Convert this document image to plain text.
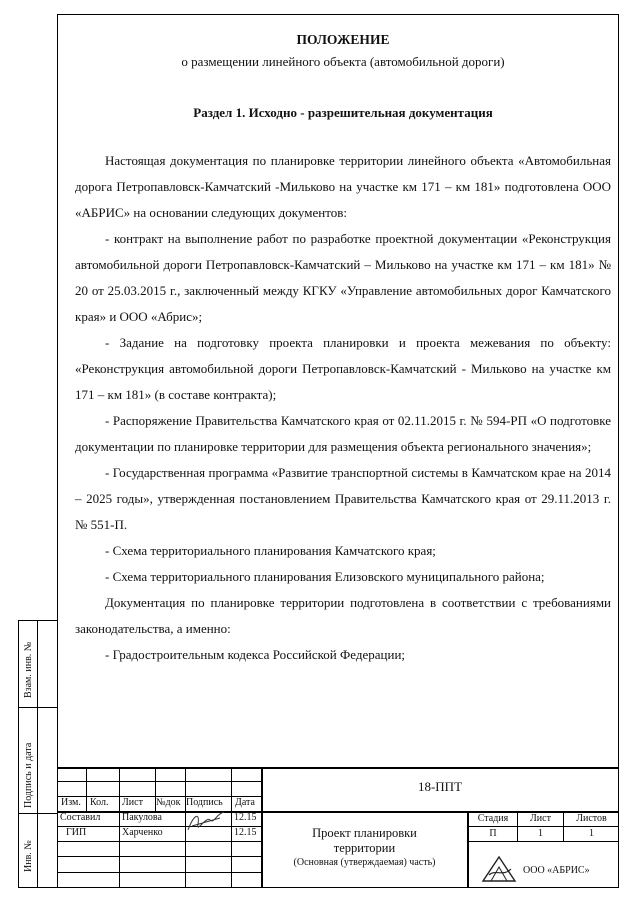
ПОЛОЖЕНИЕ

о размещении линейного объекта (автомобильной дороги)

Раздел 1. Исходно - разрешительная документация

Настоящая документация по планировке территории линейного объекта «Автомобильная дорога Петропавловск-Камчатский -Мильково на участке км 171 – км 181» подготовлена ООО «АБРИС» на основании следующих документов:

- контракт на выполнение работ по разработке проектной документации «Реконструкция автомобильной дороги Петропавловск-Камчатский – Мильково на участке км 171 – км 181» № 20 от 25.03.2015 г., заключенный между КГКУ «Управление автомобильных дорог Камчатского края» и ООО «Абрис»;

- Задание на подготовку проекта планировки и проекта межевания по объекту: «Реконструкция автомобильной дороги Петропавловск-Камчатский - Мильково на участке км 171 – км 181» (в составе контракта);

- Распоряжение Правительства Камчатского края от 02.11.2015 г. № 594-РП «О подготовке документации по планировке территории для размещения объекта регионального значения»;

- Государственная программа «Развитие транспортной системы в Камчатском крае на 2014 – 2025 годы», утвержденная постановлением Правительства Камчатского края от 29.11.2013 г. № 551-П.

- Схема территориального планирования Камчатского края;

- Схема территориального планирования Елизовского муниципального района;

Документация по планировке территории подготовлена в соответствии с требованиями законодательства, а именно:

- Градостроительным кодекса Российской Федерации;

Взам. инв. №
Подпись и дата
Инв. №
Изм. Кол. Лист №док Подпись Дата
Составил Пакулова	12.15
ГИП	Харченко	12.15
18-ППТ
Проект планировки
территории
(Основная (утверждаемая) часть)
Стадия	Лист	Листов
П	1	1
ООО «АБРИС»
